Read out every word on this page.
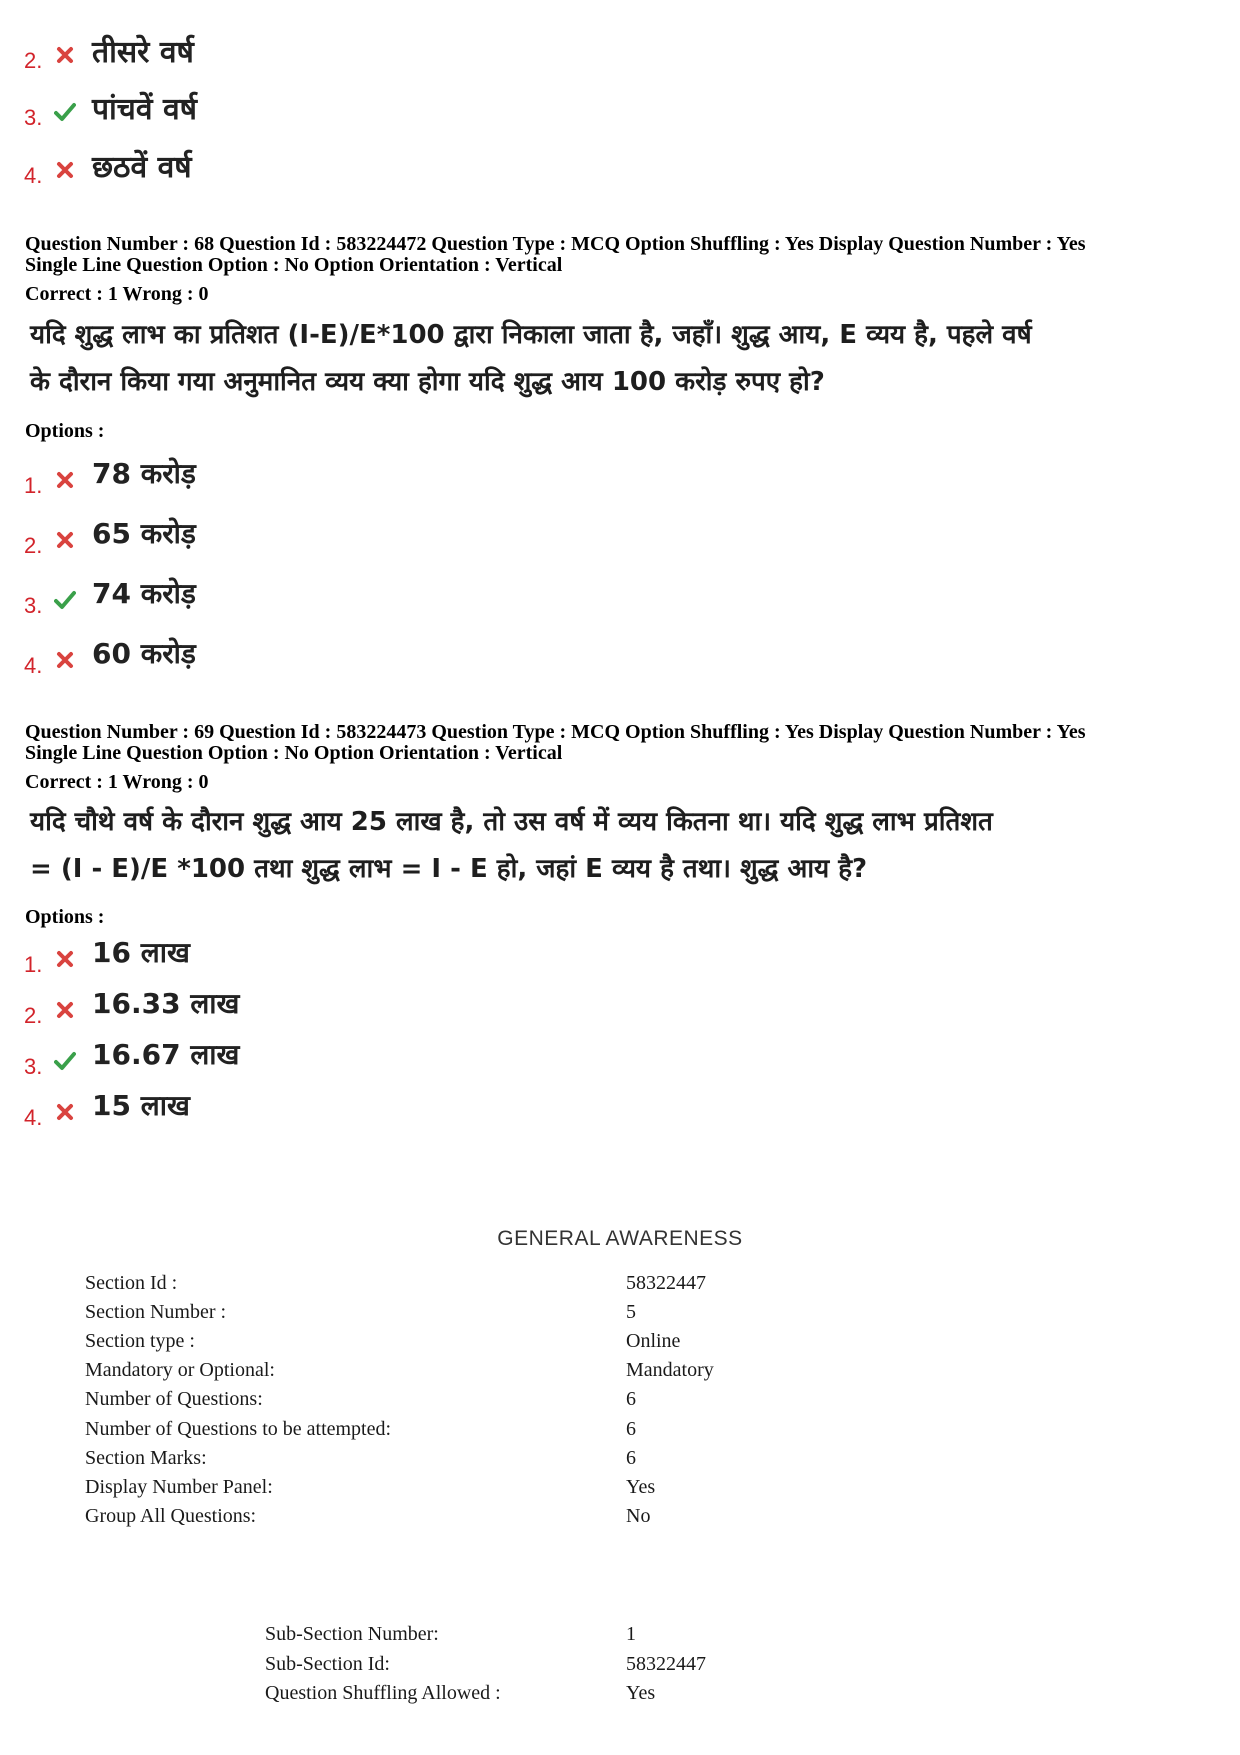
2. तीसरे वर्ष
3. पांचवें वर्ष
4. छठवें वर्ष
Question Number : 68 Question Id : 583224472 Question Type : MCQ Option Shuffling : Yes Display Question Number : Yes
Single Line Question Option : No Option Orientation : Vertical
Correct : 1 Wrong : 0
यदि शुद्ध लाभ का प्रतिशत (I-E)/E*100 द्वारा निकाला जाता है, जहाँ। शुद्ध आय, E व्यय है, पहले वर्ष
के दौरान किया गया अनुमानित व्यय क्या होगा यदि शुद्ध आय 100 करोड़ रुपए हो?
Options :
1. 78 करोड़
2. 65 करोड़
3. 74 करोड़
4. 60 करोड़
Question Number : 69 Question Id : 583224473 Question Type : MCQ Option Shuffling : Yes Display Question Number : Yes
Single Line Question Option : No Option Orientation : Vertical
Correct : 1 Wrong : 0
यदि चौथे वर्ष के दौरान शुद्ध आय 25 लाख है, तो उस वर्ष में व्यय कितना था। यदि शुद्ध लाभ प्रतिशत
= (I - E)/E *100 तथा शुद्ध लाभ = I - E हो, जहां E व्यय है तथा। शुद्ध आय है?
Options :
1. 16 लाख
2. 16.33 लाख
3. 16.67 लाख
4. 15 लाख
GENERAL AWARENESS
Section Id :	58322447
Section Number :	5
Section type :	Online
Mandatory or Optional:	Mandatory
Number of Questions:	6
Number of Questions to be attempted:	6
Section Marks:	6
Display Number Panel:	Yes
Group All Questions:	No
Sub-Section Number:	1
Sub-Section Id:	58322447
Question Shuffling Allowed :	Yes
